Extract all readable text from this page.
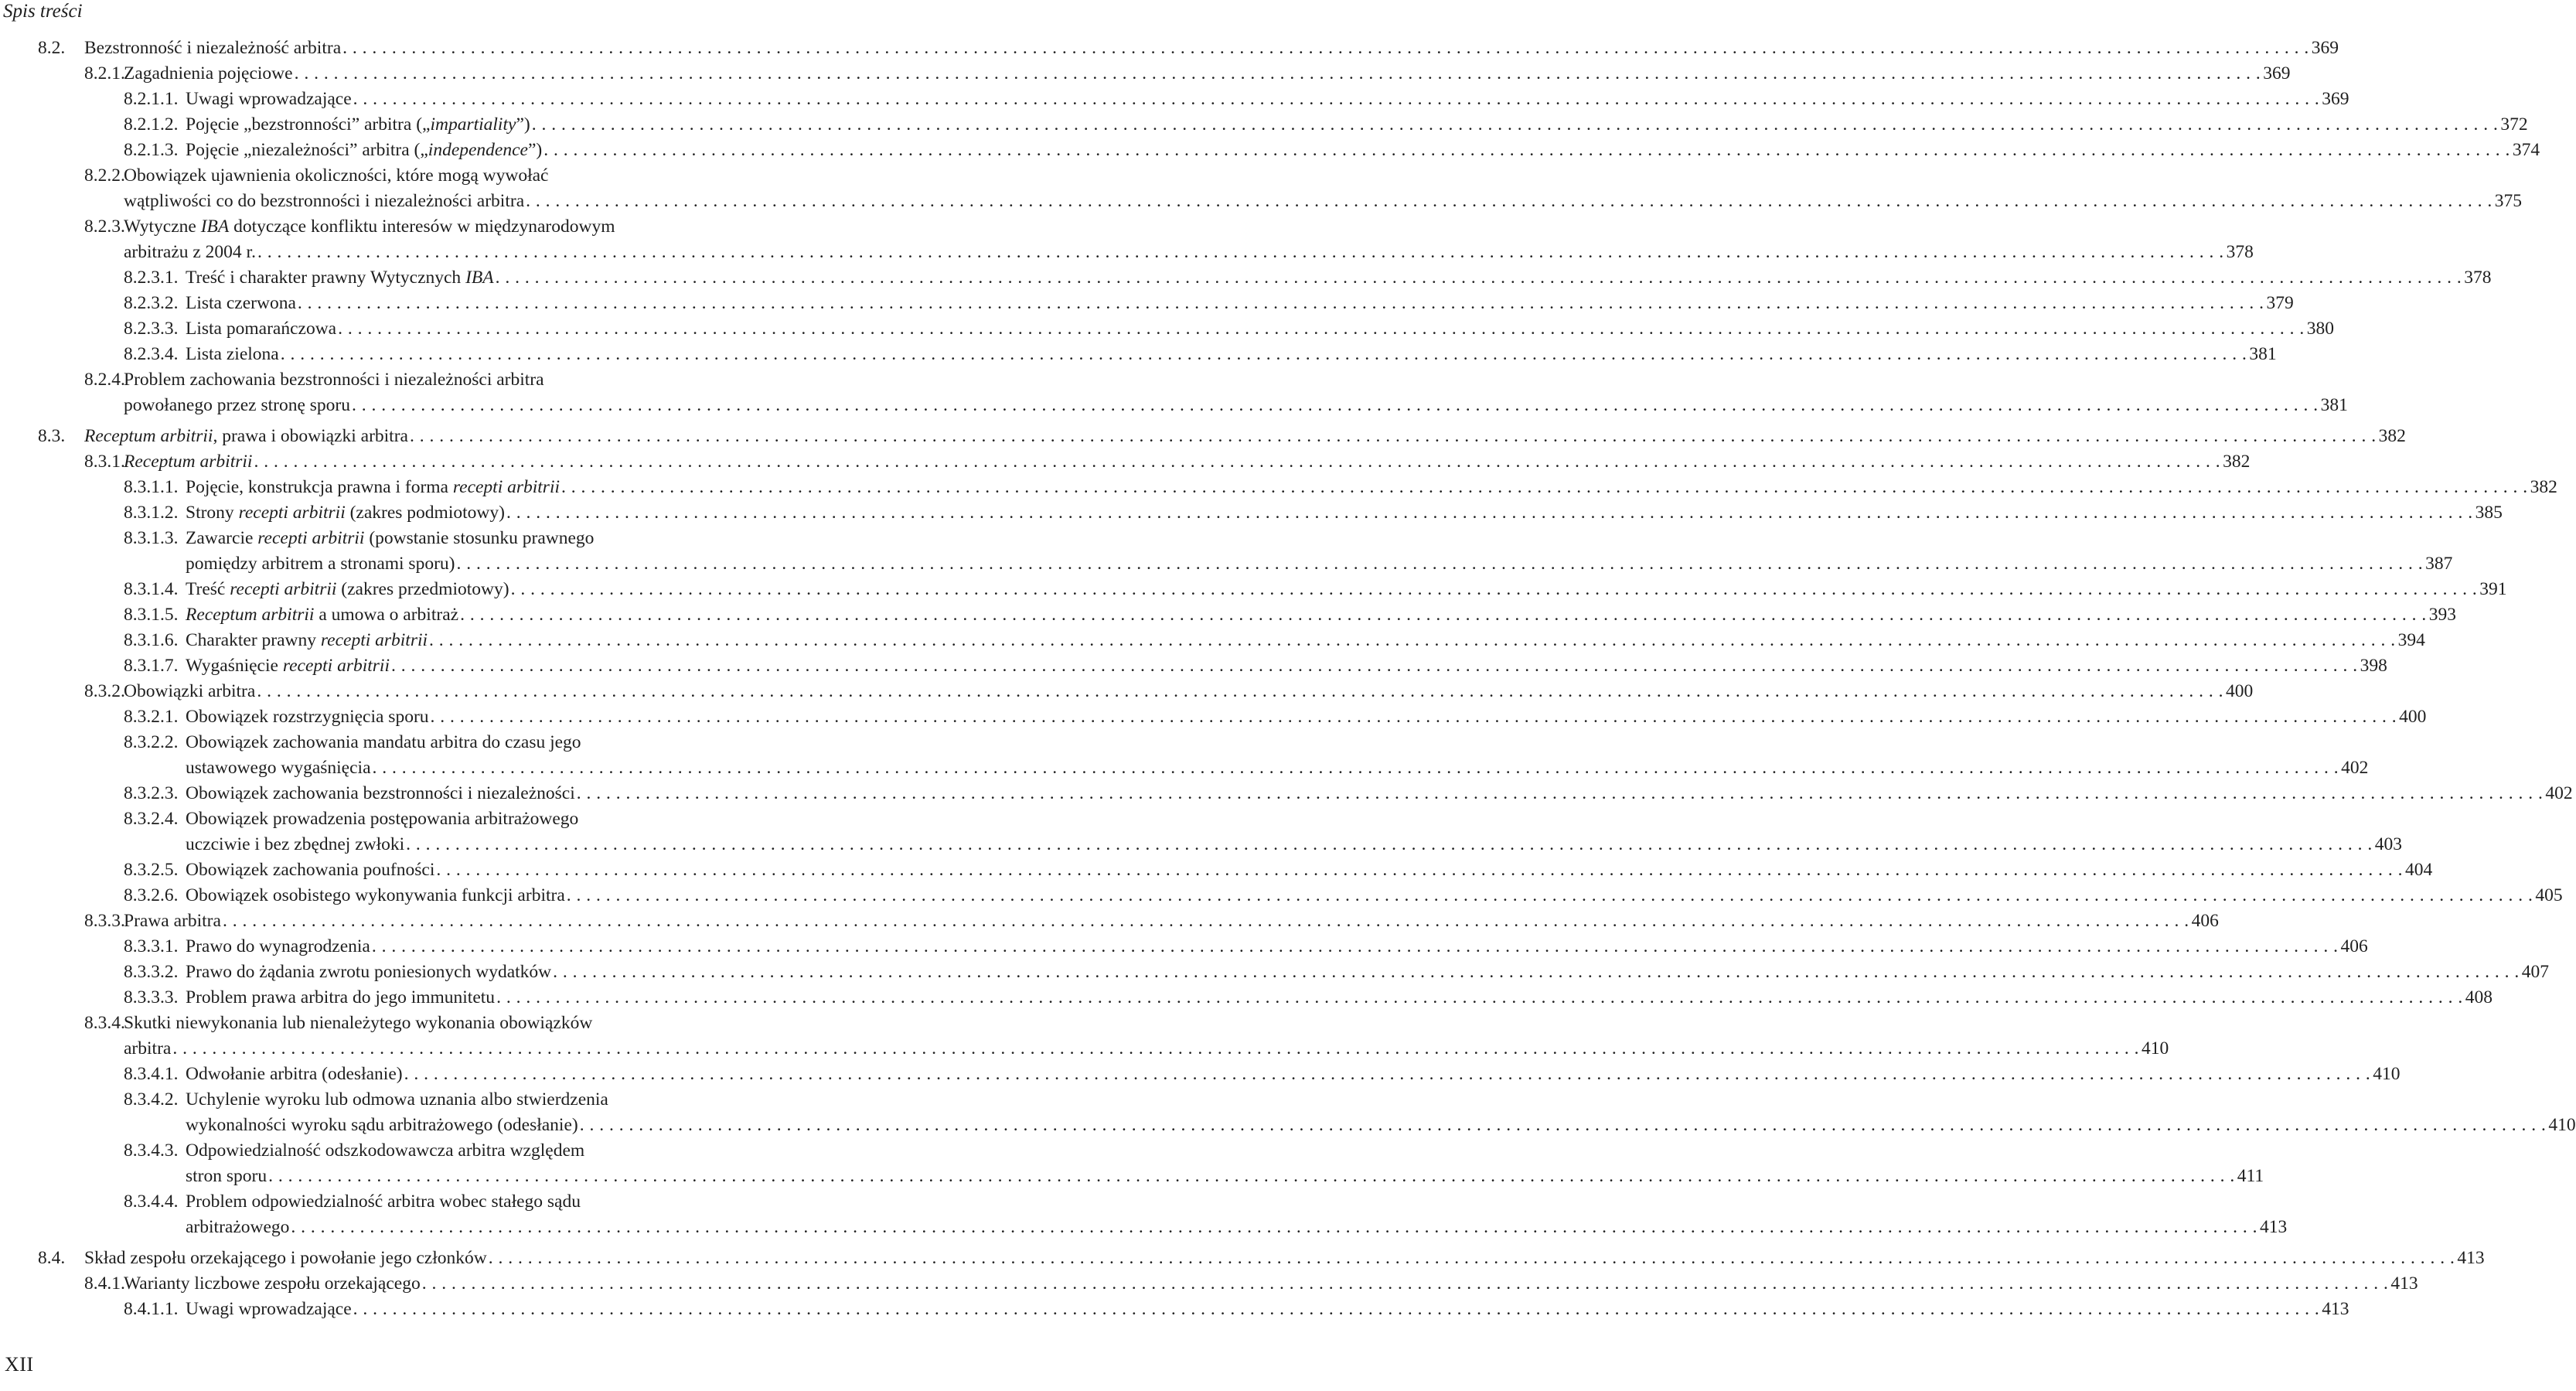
Spis treści
8.2. Bezstronność i niezależność arbitra . . . . . . . . . . . . . . . . . . . . . . . . . . . . . . . . . . . . . . . . . . . . . . . . . . . . . . . . . . . . . . . . . . . . . . . . . . . . . . . . . . . . . . . . . . . . . . . . . . . . . . . . . . . . . . . . . . . . . . . . . . . . . . . . . . . . . . . . . . . . . . . . . . . . . . . . . . . . . . . . . . . . . . . . . . . . . . . . . . . . . . . . . . . . . . . . . . . . . . . . 369
8.2.1.
Zagadnienia pojęciowe . . . . . . . . . . . . . . . . . . . . . . . . . . . . . . . . . . . . . . . . . . . . . . . . . . . . . . . . . . . . . . . . . . . . . . . . . . . . . . . . . . . . . . . . . . . . . . . . . . . . . . . . . . . . . . . . . . . . . . . . . . . . . . . . . . . . . . . . . . . . . . . . . . . . . . . . . . . . . . . . . . . . . . . . . . . . . . . . . . . . . . . . . . . . . . . . . . . . . . . . 369
8.2.1.1. Uwagi wprowadzające . . . . . . . . . . . . . . . . . . . . . . . . . . . . . . . . . . . . . . . . . . . . . . . . . . . . . . . . . . . . . . . . . . . . . . . . . . . . . . . . . . . . . . . . . . . . . . . . . . . . . . . . . . . . . . . . . . . . . . . . . . . . . . . . . . . . . . . . . . . . . . . . . . . . . . . . . . . . . . . . . . . . . . . . . . . . . . . . . . . . . . . . . . . . . . . . . . . . . . . . 369
8.2.1.2. Pojęcie „bezstronności” arbitra („impartiality”) . . . . . . . . . . . . . . . . . . . . . . . . . . . . . . . . . . . . . . . . . . . . . . . . . . . . . . . . . . . . . . . . . . . . . . . . . . . . . . . . . . . . . . . . . . . . . . . . . . . . . . . . . . . . . . . . . . . . . . . . . . . . . . . . . . . . . . . . . . . . . . . . . . . . . . . . . . . . . . . . . . . . . . . . . . . . . . . . . . . . . . . . . . . . . . . . . . . . . . . . 372
8.2.1.3. Pojęcie „niezależności” arbitra („independence”) . . . . . . . . . . . . . . . . . . . . . . . . . . . . . . . . . . . . . . . . . . . . . . . . . . . . . . . . . . . . . . . . . . . . . . . . . . . . . . . . . . . . . . . . . . . . . . . . . . . . . . . . . . . . . . . . . . . . . . . . . . . . . . . . . . . . . . . . . . . . . . . . . . . . . . . . . . . . . . . . . . . . . . . . . . . . . . . . . . . . . . . . . . . . . . . . . . . . . . . . 374
8.2.2.
Obowiązek ujawnienia okoliczności, które mogą wywołać
wątpliwości co do bezstronności i niezależności arbitra . . . . . . . . . . . . . . . . . . . . . . . . . . . . . . . . . . . . . . . . . . . . . . . . . . . . . . . . . . . . . . . . . . . . . . . . . . . . . . . . . . . . . . . . . . . . . . . . . . . . . . . . . . . . . . . . . . . . . . . . . . . . . . . . . . . . . . . . . . . . . . . . . . . . . . . . . . . . . . . . . . . . . . . . . . . . . . . . . . . . . . . . . . . . . . . . . . . . . . . . 375
8.2.3.
Wytyczne IBA dotyczące konfliktu interesów w międzynarodowym
arbitrażu z 2004 r. . . . . . . . . . . . . . . . . . . . . . . . . . . . . . . . . . . . . . . . . . . . . . . . . . . . . . . . . . . . . . . . . . . . . . . . . . . . . . . . . . . . . . . . . . . . . . . . . . . . . . . . . . . . . . . . . . . . . . . . . . . . . . . . . . . . . . . . . . . . . . . . . . . . . . . . . . . . . . . . . . . . . . . . . . . . . . . . . . . . . . . . . . . . . . . . . . . . . . . . . 378
8.2.3.1. Treść i charakter prawny Wytycznych IBA . . . . . . . . . . . . . . . . . . . . . . . . . . . . . . . . . . . . . . . . . . . . . . . . . . . . . . . . . . . . . . . . . . . . . . . . . . . . . . . . . . . . . . . . . . . . . . . . . . . . . . . . . . . . . . . . . . . . . . . . . . . . . . . . . . . . . . . . . . . . . . . . . . . . . . . . . . . . . . . . . . . . . . . . . . . . . . . . . . . . . . . . . . . . . . . . . . . . . . . . 378
8.2.3.2. Lista czerwona . . . . . . . . . . . . . . . . . . . . . . . . . . . . . . . . . . . . . . . . . . . . . . . . . . . . . . . . . . . . . . . . . . . . . . . . . . . . . . . . . . . . . . . . . . . . . . . . . . . . . . . . . . . . . . . . . . . . . . . . . . . . . . . . . . . . . . . . . . . . . . . . . . . . . . . . . . . . . . . . . . . . . . . . . . . . . . . . . . . . . . . . . . . . . . . . . . . . . . . . 379
8.2.3.3. Lista pomarańczowa . . . . . . . . . . . . . . . . . . . . . . . . . . . . . . . . . . . . . . . . . . . . . . . . . . . . . . . . . . . . . . . . . . . . . . . . . . . . . . . . . . . . . . . . . . . . . . . . . . . . . . . . . . . . . . . . . . . . . . . . . . . . . . . . . . . . . . . . . . . . . . . . . . . . . . . . . . . . . . . . . . . . . . . . . . . . . . . . . . . . . . . . . . . . . . . . . . . . . . . . 380
8.2.3.4. Lista zielona . . . . . . . . . . . . . . . . . . . . . . . . . . . . . . . . . . . . . . . . . . . . . . . . . . . . . . . . . . . . . . . . . . . . . . . . . . . . . . . . . . . . . . . . . . . . . . . . . . . . . . . . . . . . . . . . . . . . . . . . . . . . . . . . . . . . . . . . . . . . . . . . . . . . . . . . . . . . . . . . . . . . . . . . . . . . . . . . . . . . . . . . . . . . . . . . . . . . . . . . 381
8.2.4.
Problem zachowania bezstronności i niezależności arbitra
powołanego przez stronę sporu . . . . . . . . . . . . . . . . . . . . . . . . . . . . . . . . . . . . . . . . . . . . . . . . . . . . . . . . . . . . . . . . . . . . . . . . . . . . . . . . . . . . . . . . . . . . . . . . . . . . . . . . . . . . . . . . . . . . . . . . . . . . . . . . . . . . . . . . . . . . . . . . . . . . . . . . . . . . . . . . . . . . . . . . . . . . . . . . . . . . . . . . . . . . . . . . . . . . . . . . 381
8.3. Receptum arbitrii, prawa i obowiązki arbitra . . . . . . . . . . . . . . . . . . . . . . . . . . . . . . . . . . . . . . . . . . . . . . . . . . . . . . . . . . . . . . . . . . . . . . . . . . . . . . . . . . . . . . . . . . . . . . . . . . . . . . . . . . . . . . . . . . . . . . . . . . . . . . . . . . . . . . . . . . . . . . . . . . . . . . . . . . . . . . . . . . . . . . . . . . . . . . . . . . . . . . . . . . . . . . . . . . . . . . . . 382
8.3.1.
Receptum arbitrii . . . . . . . . . . . . . . . . . . . . . . . . . . . . . . . . . . . . . . . . . . . . . . . . . . . . . . . . . . . . . . . . . . . . . . . . . . . . . . . . . . . . . . . . . . . . . . . . . . . . . . . . . . . . . . . . . . . . . . . . . . . . . . . . . . . . . . . . . . . . . . . . . . . . . . . . . . . . . . . . . . . . . . . . . . . . . . . . . . . . . . . . . . . . . . . . . . . . . . . . 382
8.3.1.1. Pojęcie, konstrukcja prawna i forma recepti arbitrii . . . . . . . . . . . . . . . . . . . . . . . . . . . . . . . . . . . . . . . . . . . . . . . . . . . . . . . . . . . . . . . . . . . . . . . . . . . . . . . . . . . . . . . . . . . . . . . . . . . . . . . . . . . . . . . . . . . . . . . . . . . . . . . . . . . . . . . . . . . . . . . . . . . . . . . . . . . . . . . . . . . . . . . . . . . . . . . . . . . . . . . . . . . . . . . . . . . . . . . . 382
8.3.1.2. Strony recepti arbitrii (zakres podmiotowy) . . . . . . . . . . . . . . . . . . . . . . . . . . . . . . . . . . . . . . . . . . . . . . . . . . . . . . . . . . . . . . . . . . . . . . . . . . . . . . . . . . . . . . . . . . . . . . . . . . . . . . . . . . . . . . . . . . . . . . . . . . . . . . . . . . . . . . . . . . . . . . . . . . . . . . . . . . . . . . . . . . . . . . . . . . . . . . . . . . . . . . . . . . . . . . . . . . . . . . . . 385
8.3.1.3. Zawarcie recepti arbitrii (powstanie stosunku prawnego
pomiędzy arbitrem a stronami sporu) . . . . . . . . . . . . . . . . . . . . . . . . . . . . . . . . . . . . . . . . . . . . . . . . . . . . . . . . . . . . . . . . . . . . . . . . . . . . . . . . . . . . . . . . . . . . . . . . . . . . . . . . . . . . . . . . . . . . . . . . . . . . . . . . . . . . . . . . . . . . . . . . . . . . . . . . . . . . . . . . . . . . . . . . . . . . . . . . . . . . . . . . . . . . . . . . . . . . . . . . 387
8.3.1.4. Treść recepti arbitrii (zakres przedmiotowy) . . . . . . . . . . . . . . . . . . . . . . . . . . . . . . . . . . . . . . . . . . . . . . . . . . . . . . . . . . . . . . . . . . . . . . . . . . . . . . . . . . . . . . . . . . . . . . . . . . . . . . . . . . . . . . . . . . . . . . . . . . . . . . . . . . . . . . . . . . . . . . . . . . . . . . . . . . . . . . . . . . . . . . . . . . . . . . . . . . . . . . . . . . . . . . . . . . . . . . . . 391
8.3.1.5. Receptum arbitrii a umowa o arbitraż . . . . . . . . . . . . . . . . . . . . . . . . . . . . . . . . . . . . . . . . . . . . . . . . . . . . . . . . . . . . . . . . . . . . . . . . . . . . . . . . . . . . . . . . . . . . . . . . . . . . . . . . . . . . . . . . . . . . . . . . . . . . . . . . . . . . . . . . . . . . . . . . . . . . . . . . . . . . . . . . . . . . . . . . . . . . . . . . . . . . . . . . . . . . . . . . . . . . . . . . 393
8.3.1.6. Charakter prawny recepti arbitrii . . . . . . . . . . . . . . . . . . . . . . . . . . . . . . . . . . . . . . . . . . . . . . . . . . . . . . . . . . . . . . . . . . . . . . . . . . . . . . . . . . . . . . . . . . . . . . . . . . . . . . . . . . . . . . . . . . . . . . . . . . . . . . . . . . . . . . . . . . . . . . . . . . . . . . . . . . . . . . . . . . . . . . . . . . . . . . . . . . . . . . . . . . . . . . . . . . . . . . . . 394
8.3.1.7. Wygaśnięcie recepti arbitrii . . . . . . . . . . . . . . . . . . . . . . . . . . . . . . . . . . . . . . . . . . . . . . . . . . . . . . . . . . . . . . . . . . . . . . . . . . . . . . . . . . . . . . . . . . . . . . . . . . . . . . . . . . . . . . . . . . . . . . . . . . . . . . . . . . . . . . . . . . . . . . . . . . . . . . . . . . . . . . . . . . . . . . . . . . . . . . . . . . . . . . . . . . . . . . . . . . . . . . . . 398
8.3.2.
Obowiązki arbitra . . . . . . . . . . . . . . . . . . . . . . . . . . . . . . . . . . . . . . . . . . . . . . . . . . . . . . . . . . . . . . . . . . . . . . . . . . . . . . . . . . . . . . . . . . . . . . . . . . . . . . . . . . . . . . . . . . . . . . . . . . . . . . . . . . . . . . . . . . . . . . . . . . . . . . . . . . . . . . . . . . . . . . . . . . . . . . . . . . . . . . . . . . . . . . . . . . . . . . . . 400
8.3.2.1. Obowiązek rozstrzygnięcia sporu . . . . . . . . . . . . . . . . . . . . . . . . . . . . . . . . . . . . . . . . . . . . . . . . . . . . . . . . . . . . . . . . . . . . . . . . . . . . . . . . . . . . . . . . . . . . . . . . . . . . . . . . . . . . . . . . . . . . . . . . . . . . . . . . . . . . . . . . . . . . . . . . . . . . . . . . . . . . . . . . . . . . . . . . . . . . . . . . . . . . . . . . . . . . . . . . . . . . . . . . 400
8.3.2.2. Obowiązek zachowania mandatu arbitra do czasu jego
ustawowego wygaśnięcia . . . . . . . . . . . . . . . . . . . . . . . . . . . . . . . . . . . . . . . . . . . . . . . . . . . . . . . . . . . . . . . . . . . . . . . . . . . . . . . . . . . . . . . . . . . . . . . . . . . . . . . . . . . . . . . . . . . . . . . . . . . . . . . . . . . . . . . . . . . . . . . . . . . . . . . . . . . . . . . . . . . . . . . . . . . . . . . . . . . . . . . . . . . . . . . . . . . . . . . . 402
8.3.2.3. Obowiązek zachowania bezstronności i niezależności . . . . . . . . . . . . . . . . . . . . . . . . . . . . . . . . . . . . . . . . . . . . . . . . . . . . . . . . . . . . . . . . . . . . . . . . . . . . . . . . . . . . . . . . . . . . . . . . . . . . . . . . . . . . . . . . . . . . . . . . . . . . . . . . . . . . . . . . . . . . . . . . . . . . . . . . . . . . . . . . . . . . . . . . . . . . . . . . . . . . . . . . . . . . . . . . . . . . . . . . 402
8.3.2.4. Obowiązek prowadzenia postępowania arbitrażowego
uczciwie i bez zbędnej zwłoki . . . . . . . . . . . . . . . . . . . . . . . . . . . . . . . . . . . . . . . . . . . . . . . . . . . . . . . . . . . . . . . . . . . . . . . . . . . . . . . . . . . . . . . . . . . . . . . . . . . . . . . . . . . . . . . . . . . . . . . . . . . . . . . . . . . . . . . . . . . . . . . . . . . . . . . . . . . . . . . . . . . . . . . . . . . . . . . . . . . . . . . . . . . . . . . . . . . . . . . . 403
8.3.2.5. Obowiązek zachowania poufności . . . . . . . . . . . . . . . . . . . . . . . . . . . . . . . . . . . . . . . . . . . . . . . . . . . . . . . . . . . . . . . . . . . . . . . . . . . . . . . . . . . . . . . . . . . . . . . . . . . . . . . . . . . . . . . . . . . . . . . . . . . . . . . . . . . . . . . . . . . . . . . . . . . . . . . . . . . . . . . . . . . . . . . . . . . . . . . . . . . . . . . . . . . . . . . . . . . . . . . . 404
8.3.2.6. Obowiązek osobistego wykonywania funkcji arbitra . . . . . . . . . . . . . . . . . . . . . . . . . . . . . . . . . . . . . . . . . . . . . . . . . . . . . . . . . . . . . . . . . . . . . . . . . . . . . . . . . . . . . . . . . . . . . . . . . . . . . . . . . . . . . . . . . . . . . . . . . . . . . . . . . . . . . . . . . . . . . . . . . . . . . . . . . . . . . . . . . . . . . . . . . . . . . . . . . . . . . . . . . . . . . . . . . . . . . . . . 405
8.3.3.
Prawa arbitra . . . . . . . . . . . . . . . . . . . . . . . . . . . . . . . . . . . . . . . . . . . . . . . . . . . . . . . . . . . . . . . . . . . . . . . . . . . . . . . . . . . . . . . . . . . . . . . . . . . . . . . . . . . . . . . . . . . . . . . . . . . . . . . . . . . . . . . . . . . . . . . . . . . . . . . . . . . . . . . . . . . . . . . . . . . . . . . . . . . . . . . . . . . . . . . . . . . . . . . . 406
8.3.3.1. Prawo do wynagrodzenia . . . . . . . . . . . . . . . . . . . . . . . . . . . . . . . . . . . . . . . . . . . . . . . . . . . . . . . . . . . . . . . . . . . . . . . . . . . . . . . . . . . . . . . . . . . . . . . . . . . . . . . . . . . . . . . . . . . . . . . . . . . . . . . . . . . . . . . . . . . . . . . . . . . . . . . . . . . . . . . . . . . . . . . . . . . . . . . . . . . . . . . . . . . . . . . . . . . . . . . . 406
8.3.3.2. Prawo do żądania zwrotu poniesionych wydatków . . . . . . . . . . . . . . . . . . . . . . . . . . . . . . . . . . . . . . . . . . . . . . . . . . . . . . . . . . . . . . . . . . . . . . . . . . . . . . . . . . . . . . . . . . . . . . . . . . . . . . . . . . . . . . . . . . . . . . . . . . . . . . . . . . . . . . . . . . . . . . . . . . . . . . . . . . . . . . . . . . . . . . . . . . . . . . . . . . . . . . . . . . . . . . . . . . . . . . . . 407
8.3.3.3. Problem prawa arbitra do jego immunitetu . . . . . . . . . . . . . . . . . . . . . . . . . . . . . . . . . . . . . . . . . . . . . . . . . . . . . . . . . . . . . . . . . . . . . . . . . . . . . . . . . . . . . . . . . . . . . . . . . . . . . . . . . . . . . . . . . . . . . . . . . . . . . . . . . . . . . . . . . . . . . . . . . . . . . . . . . . . . . . . . . . . . . . . . . . . . . . . . . . . . . . . . . . . . . . . . . . . . . . . . 408
8.3.4.
Skutki niewykonania lub nienależytego wykonania obowiązków
arbitra . . . . . . . . . . . . . . . . . . . . . . . . . . . . . . . . . . . . . . . . . . . . . . . . . . . . . . . . . . . . . . . . . . . . . . . . . . . . . . . . . . . . . . . . . . . . . . . . . . . . . . . . . . . . . . . . . . . . . . . . . . . . . . . . . . . . . . . . . . . . . . . . . . . . . . . . . . . . . . . . . . . . . . . . . . . . . . . . . . . . . . . . . . . . . . . . . . . . . . . . 410
8.3.4.1. Odwołanie arbitra (odesłanie) . . . . . . . . . . . . . . . . . . . . . . . . . . . . . . . . . . . . . . . . . . . . . . . . . . . . . . . . . . . . . . . . . . . . . . . . . . . . . . . . . . . . . . . . . . . . . . . . . . . . . . . . . . . . . . . . . . . . . . . . . . . . . . . . . . . . . . . . . . . . . . . . . . . . . . . . . . . . . . . . . . . . . . . . . . . . . . . . . . . . . . . . . . . . . . . . . . . . . . . . 410
8.3.4.2. Uchylenie wyroku lub odmowa uznania albo stwierdzenia
wykonalności wyroku sądu arbitrażowego (odesłanie) . . . . . . . . . . . . . . . . . . . . . . . . . . . . . . . . . . . . . . . . . . . . . . . . . . . . . . . . . . . . . . . . . . . . . . . . . . . . . . . . . . . . . . . . . . . . . . . . . . . . . . . . . . . . . . . . . . . . . . . . . . . . . . . . . . . . . . . . . . . . . . . . . . . . . . . . . . . . . . . . . . . . . . . . . . . . . . . . . . . . . . . . . . . . . . . . . . . . . . . . 410
8.3.4.3. Odpowiedzialność odszkodowawcza arbitra względem
stron sporu . . . . . . . . . . . . . . . . . . . . . . . . . . . . . . . . . . . . . . . . . . . . . . . . . . . . . . . . . . . . . . . . . . . . . . . . . . . . . . . . . . . . . . . . . . . . . . . . . . . . . . . . . . . . . . . . . . . . . . . . . . . . . . . . . . . . . . . . . . . . . . . . . . . . . . . . . . . . . . . . . . . . . . . . . . . . . . . . . . . . . . . . . . . . . . . . . . . . . . . . 411
8.3.4.4. Problem odpowiedzialność arbitra wobec stałego sądu
arbitrażowego . . . . . . . . . . . . . . . . . . . . . . . . . . . . . . . . . . . . . . . . . . . . . . . . . . . . . . . . . . . . . . . . . . . . . . . . . . . . . . . . . . . . . . . . . . . . . . . . . . . . . . . . . . . . . . . . . . . . . . . . . . . . . . . . . . . . . . . . . . . . . . . . . . . . . . . . . . . . . . . . . . . . . . . . . . . . . . . . . . . . . . . . . . . . . . . . . . . . . . . . 413
8.4. Skład zespołu orzekającego i powołanie jego członków . . . . . . . . . . . . . . . . . . . . . . . . . . . . . . . . . . . . . . . . . . . . . . . . . . . . . . . . . . . . . . . . . . . . . . . . . . . . . . . . . . . . . . . . . . . . . . . . . . . . . . . . . . . . . . . . . . . . . . . . . . . . . . . . . . . . . . . . . . . . . . . . . . . . . . . . . . . . . . . . . . . . . . . . . . . . . . . . . . . . . . . . . . . . . . . . . . . . . . . . 413
8.4.1.
Warianty liczbowe zespołu orzekającego . . . . . . . . . . . . . . . . . . . . . . . . . . . . . . . . . . . . . . . . . . . . . . . . . . . . . . . . . . . . . . . . . . . . . . . . . . . . . . . . . . . . . . . . . . . . . . . . . . . . . . . . . . . . . . . . . . . . . . . . . . . . . . . . . . . . . . . . . . . . . . . . . . . . . . . . . . . . . . . . . . . . . . . . . . . . . . . . . . . . . . . . . . . . . . . . . . . . . . . . 413
8.4.1.1. Uwagi wprowadzające . . . . . . . . . . . . . . . . . . . . . . . . . . . . . . . . . . . . . . . . . . . . . . . . . . . . . . . . . . . . . . . . . . . . . . . . . . . . . . . . . . . . . . . . . . . . . . . . . . . . . . . . . . . . . . . . . . . . . . . . . . . . . . . . . . . . . . . . . . . . . . . . . . . . . . . . . . . . . . . . . . . . . . . . . . . . . . . . . . . . . . . . . . . . . . . . . . . . . . . . 413
XII
